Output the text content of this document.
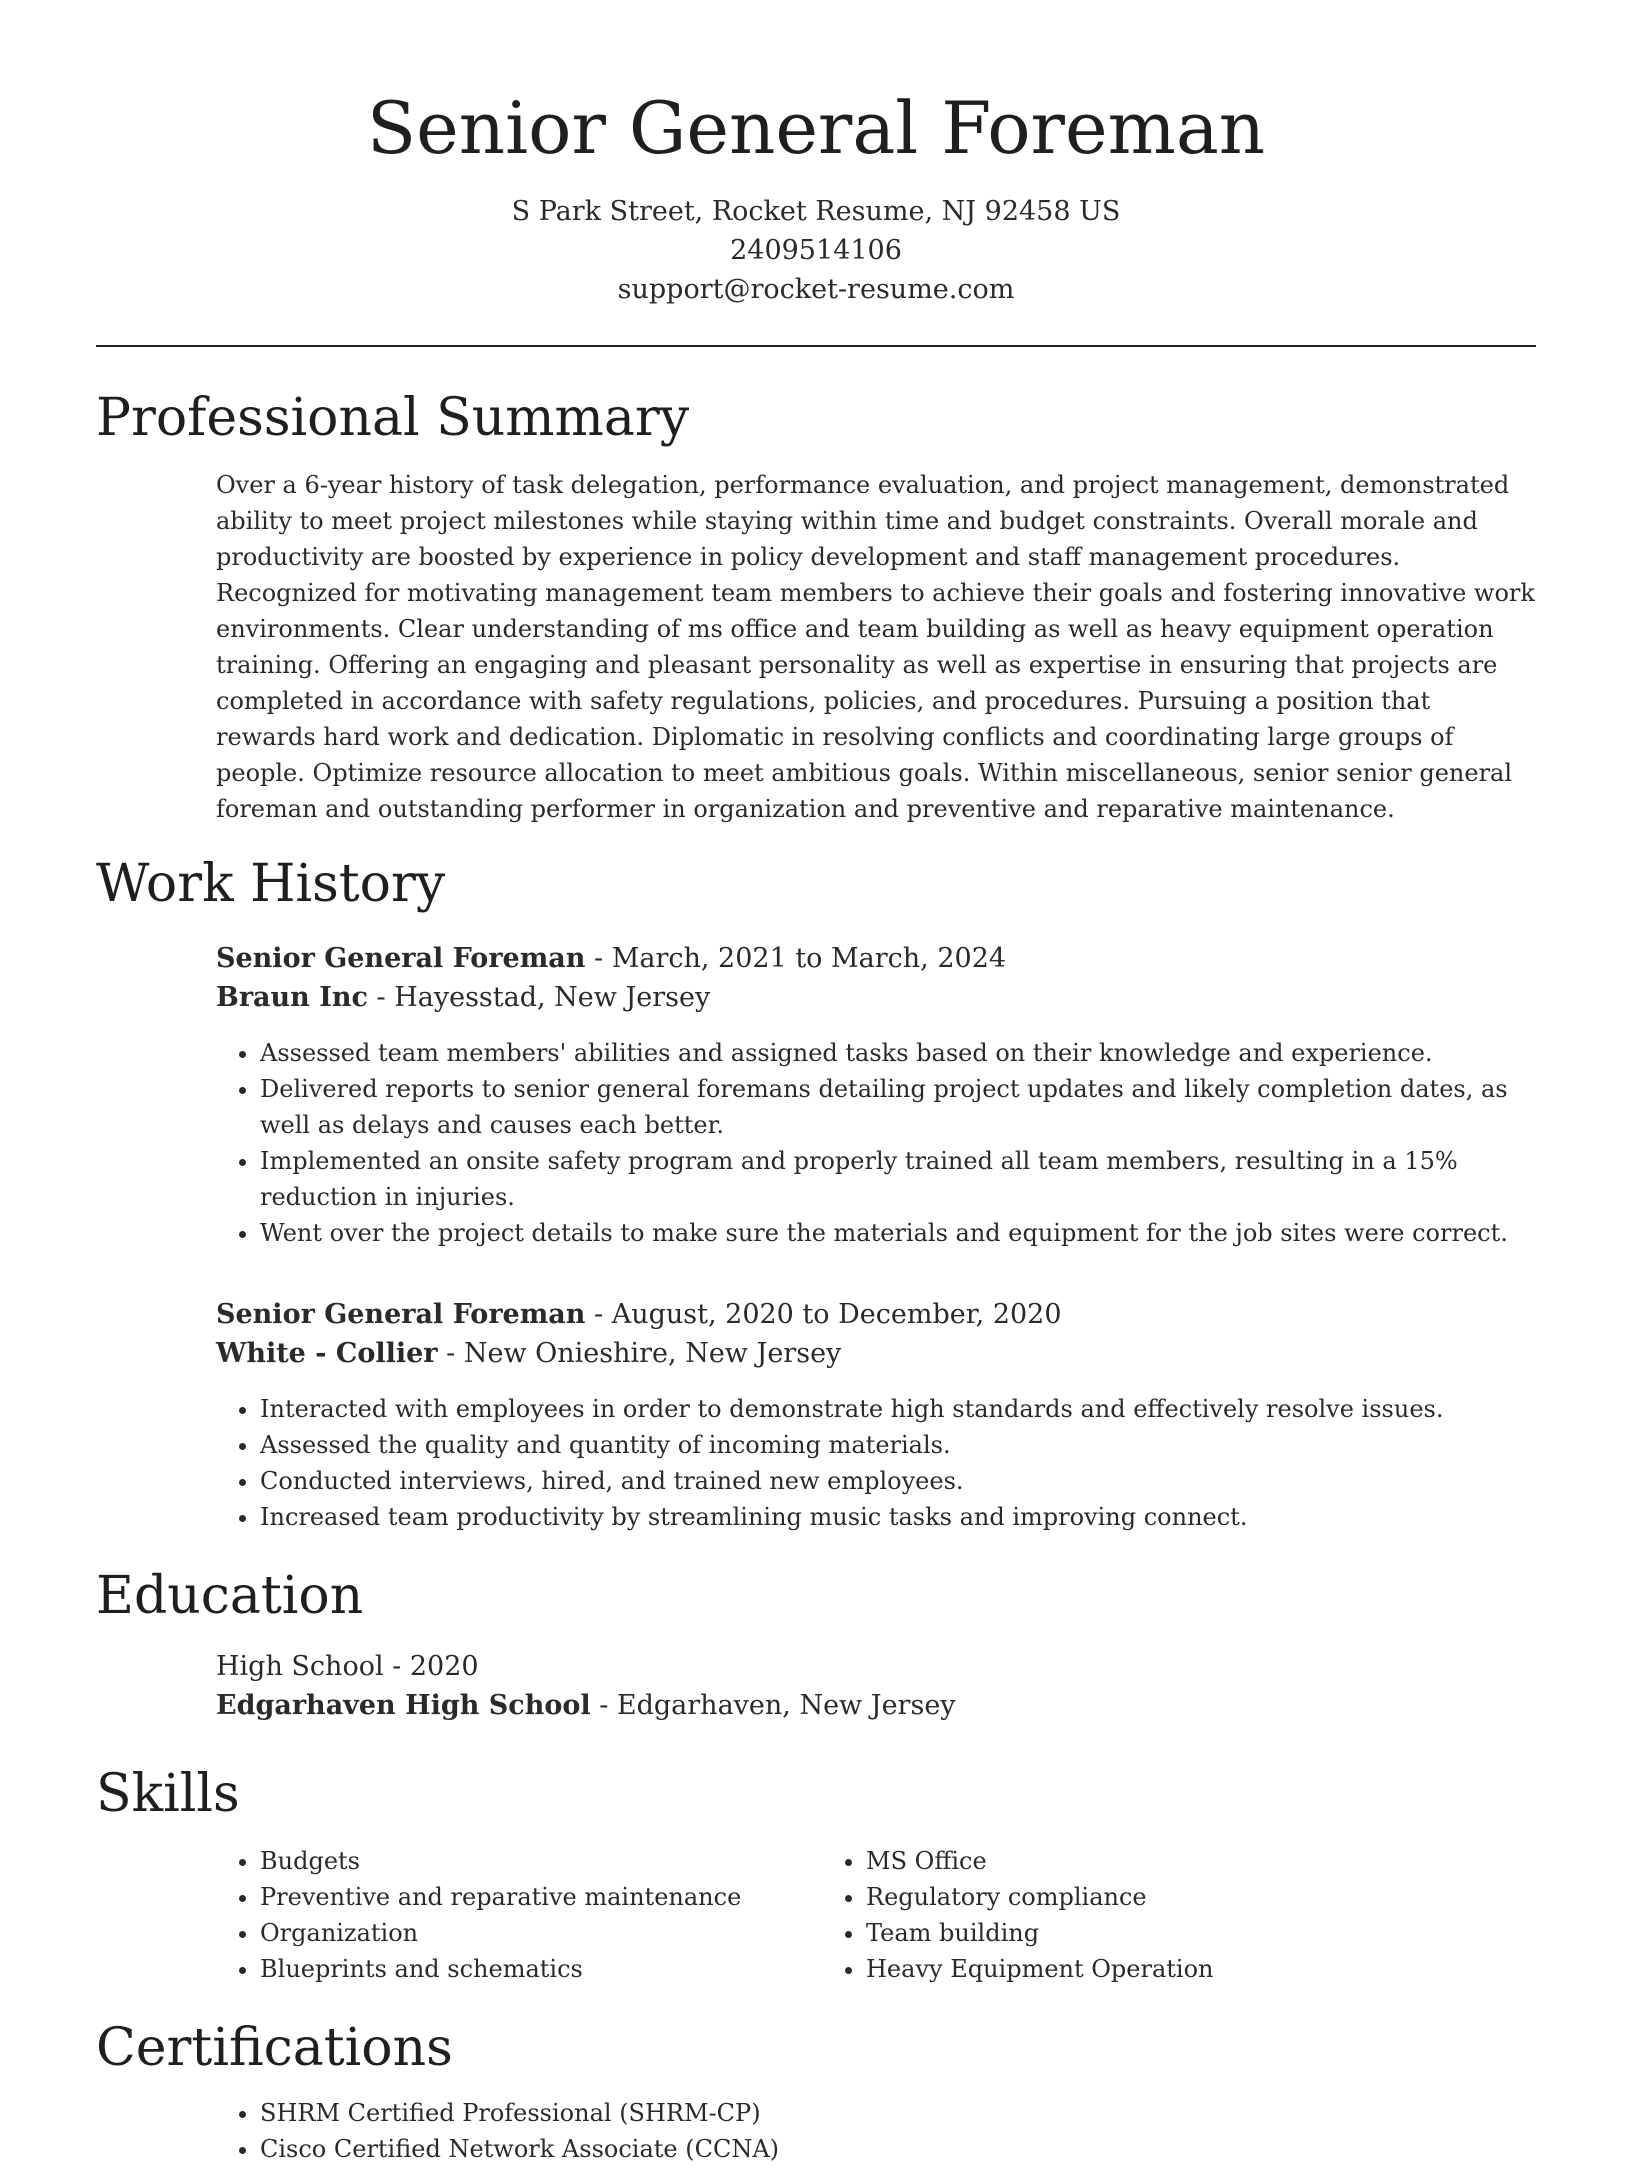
Senior General Foreman
S Park Street, Rocket Resume, NJ 92458 US
2409514106
support@rocket-resume.com
Professional Summary

Over a 6-year history of task delegation, performance evaluation, and project management, demonstrated ability to meet project milestones while staying within time and budget constraints. Overall morale and productivity are boosted by experience in policy development and staff management procedures. Recognized for motivating management team members to achieve their goals and fostering innovative work environments. Clear understanding of ms office and team building as well as heavy equipment operation training. Offering an engaging and pleasant personality as well as expertise in ensuring that projects are completed in accordance with safety regulations, policies, and procedures. Pursuing a position that rewards hard work and dedication. Diplomatic in resolving conflicts and coordinating large groups of people. Optimize resource allocation to meet ambitious goals. Within miscellaneous, senior senior general foreman and outstanding performer in organization and preventive and reparative maintenance.

Work History
Senior General Foreman - March, 2021 to March, 2024
Braun Inc - Hayesstad, New Jersey
• Assessed team members' abilities and assigned tasks based on their knowledge and experience.
• Delivered reports to senior general foremans detailing project updates and likely completion dates, as well as delays and causes each better.
• Implemented an onsite safety program and properly trained all team members, resulting in a 15% reduction in injuries.
• Went over the project details to make sure the materials and equipment for the job sites were correct.
Senior General Foreman - August, 2020 to December, 2020
White - Collier - New Onieshire, New Jersey
• Interacted with employees in order to demonstrate high standards and effectively resolve issues.
• Assessed the quality and quantity of incoming materials.
• Conducted interviews, hired, and trained new employees.
• Increased team productivity by streamlining music tasks and improving connect.
Education
High School - 2020
Edgarhaven High School - Edgarhaven, New Jersey
Skills
• Budgets
• Preventive and reparative maintenance
• Organization
• Blueprints and schematics
• MS Office
• Regulatory compliance
• Team building
• Heavy Equipment Operation
Certifications
• SHRM Certified Professional (SHRM-CP)
• Cisco Certified Network Associate (CCNA)
